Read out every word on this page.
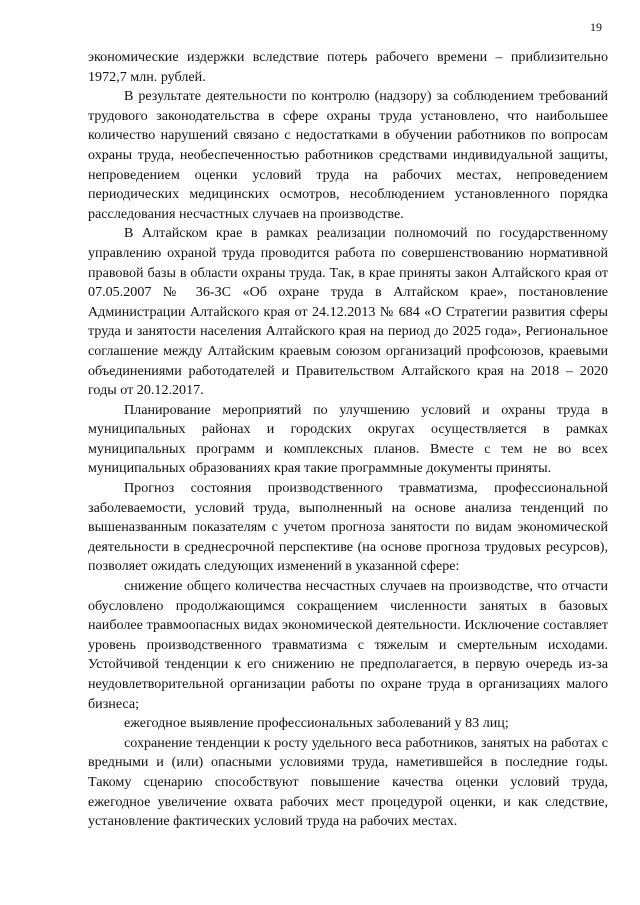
19

экономические издержки вследствие потерь рабочего времени – приблизительно 1972,7 млн. рублей.

В результате деятельности по контролю (надзору) за соблюдением требований трудового законодательства в сфере охраны труда установлено, что наибольшее количество нарушений связано с недостатками в обучении работников по вопросам охраны труда, необеспеченностью работников средствами индивидуальной защиты, непроведением оценки условий труда на рабочих местах, непроведением периодических медицинских осмотров, несоблюдением установленного порядка расследования несчастных случаев на производстве.

В Алтайском крае в рамках реализации полномочий по государственному управлению охраной труда проводится работа по совершенствованию нормативной правовой базы в области охраны труда. Так, в крае приняты закон Алтайского края от 07.05.2007 № 36-ЗС «Об охране труда в Алтайском крае», постановление Администрации Алтайского края от 24.12.2013 № 684 «О Стратегии развития сферы труда и занятости населения Алтайского края на период до 2025 года», Региональное соглашение между Алтайским краевым союзом организаций профсоюзов, краевыми объединениями работодателей и Правительством Алтайского края на 2018 – 2020 годы от 20.12.2017.

Планирование мероприятий по улучшению условий и охраны труда в муниципальных районах и городских округах осуществляется в рамках муниципальных программ и комплексных планов. Вместе с тем не во всех муниципальных образованиях края такие программные документы приняты.

Прогноз состояния производственного травматизма, профессиональной заболеваемости, условий труда, выполненный на основе анализа тенденций по вышеназванным показателям с учетом прогноза занятости по видам экономической деятельности в среднесрочной перспективе (на основе прогноза трудовых ресурсов), позволяет ожидать следующих изменений в указанной сфере:

снижение общего количества несчастных случаев на производстве, что отчасти обусловлено продолжающимся сокращением численности занятых в базовых наиболее травмоопасных видах экономической деятельности. Исключение составляет уровень производственного травматизма с тяжелым и смертельным исходами. Устойчивой тенденции к его снижению не предполагается, в первую очередь из-за неудовлетворительной организации работы по охране труда в организациях малого бизнеса;

ежегодное выявление профессиональных заболеваний у 83 лиц;

сохранение тенденции к росту удельного веса работников, занятых на работах с вредными и (или) опасными условиями труда, наметившейся в последние годы. Такому сценарию способствуют повышение качества оценки условий труда, ежегодное увеличение охвата рабочих мест процедурой оценки, и как следствие, установление фактических условий труда на рабочих местах.
